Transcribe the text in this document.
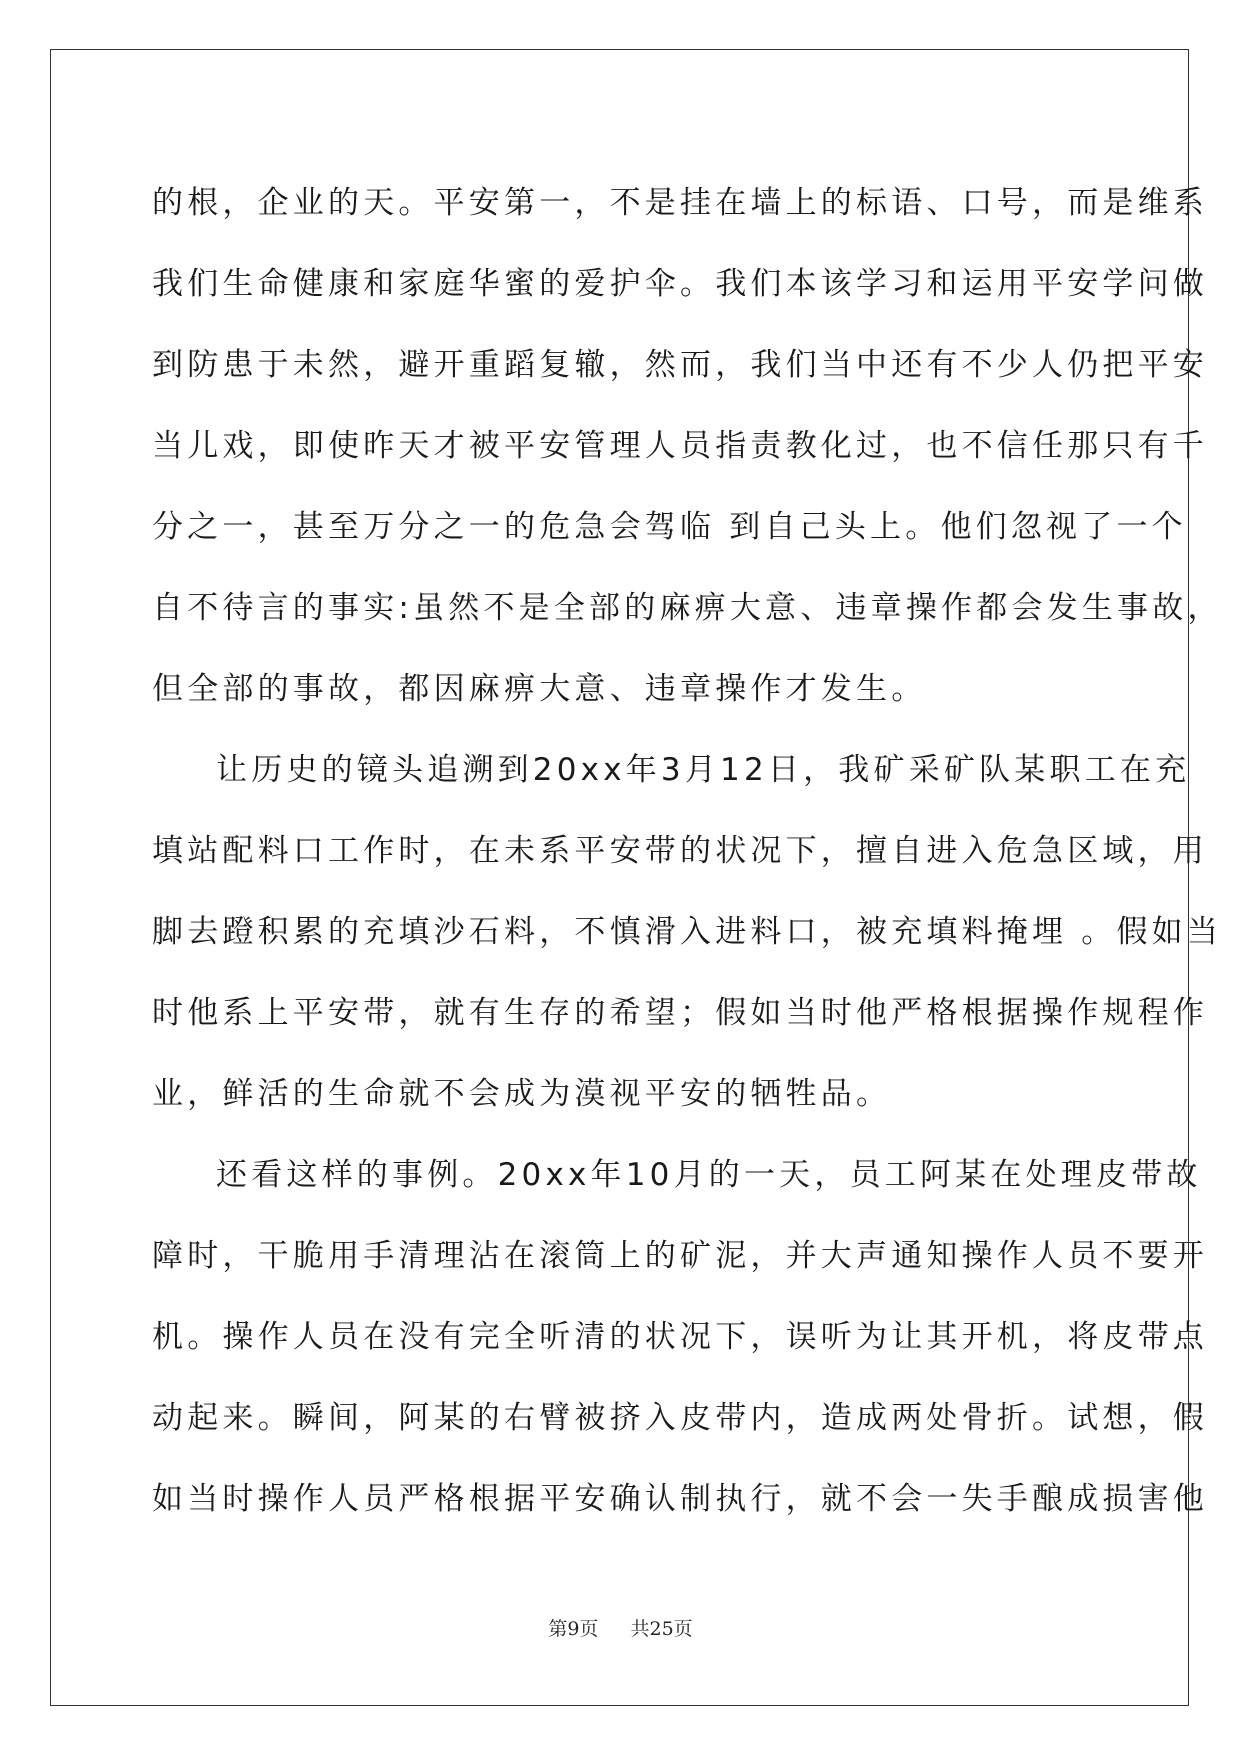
的根，企业的天。平安第一，不是挂在墙上的标语、口号，而是维系
我们生命健康和家庭华蜜的爱护伞。我们本该学习和运用平安学问做
到防患于未然，避开重蹈复辙，然而，我们当中还有不少人仍把平安
当儿戏，即使昨天才被平安管理人员指责教化过，也不信任那只有千
分之一，甚至万分之一的危急会驾临 到自己头上。他们忽视了一个
自不待言的事实:虽然不是全部的麻痹大意、违章操作都会发生事故，
但全部的事故，都因麻痹大意、违章操作才发生。
让历史的镜头追溯到20xx年3月12日，我矿采矿队某职工在充
填站配料口工作时，在未系平安带的状况下，擅自进入危急区域，用
脚去蹬积累的充填沙石料，不慎滑入进料口，被充填料掩埋 。假如当
时他系上平安带，就有生存的希望；假如当时他严格根据操作规程作
业，鲜活的生命就不会成为漠视平安的牺牲品。
还看这样的事例。20xx年10月的一天，员工阿某在处理皮带故
障时，干脆用手清理沾在滚筒上的矿泥，并大声通知操作人员不要开
机。操作人员在没有完全听清的状况下，误听为让其开机，将皮带点
动起来。瞬间，阿某的右臂被挤入皮带内，造成两处骨折。试想，假
如当时操作人员严格根据平安确认制执行，就不会一失手酿成损害他
第9页 共25页
